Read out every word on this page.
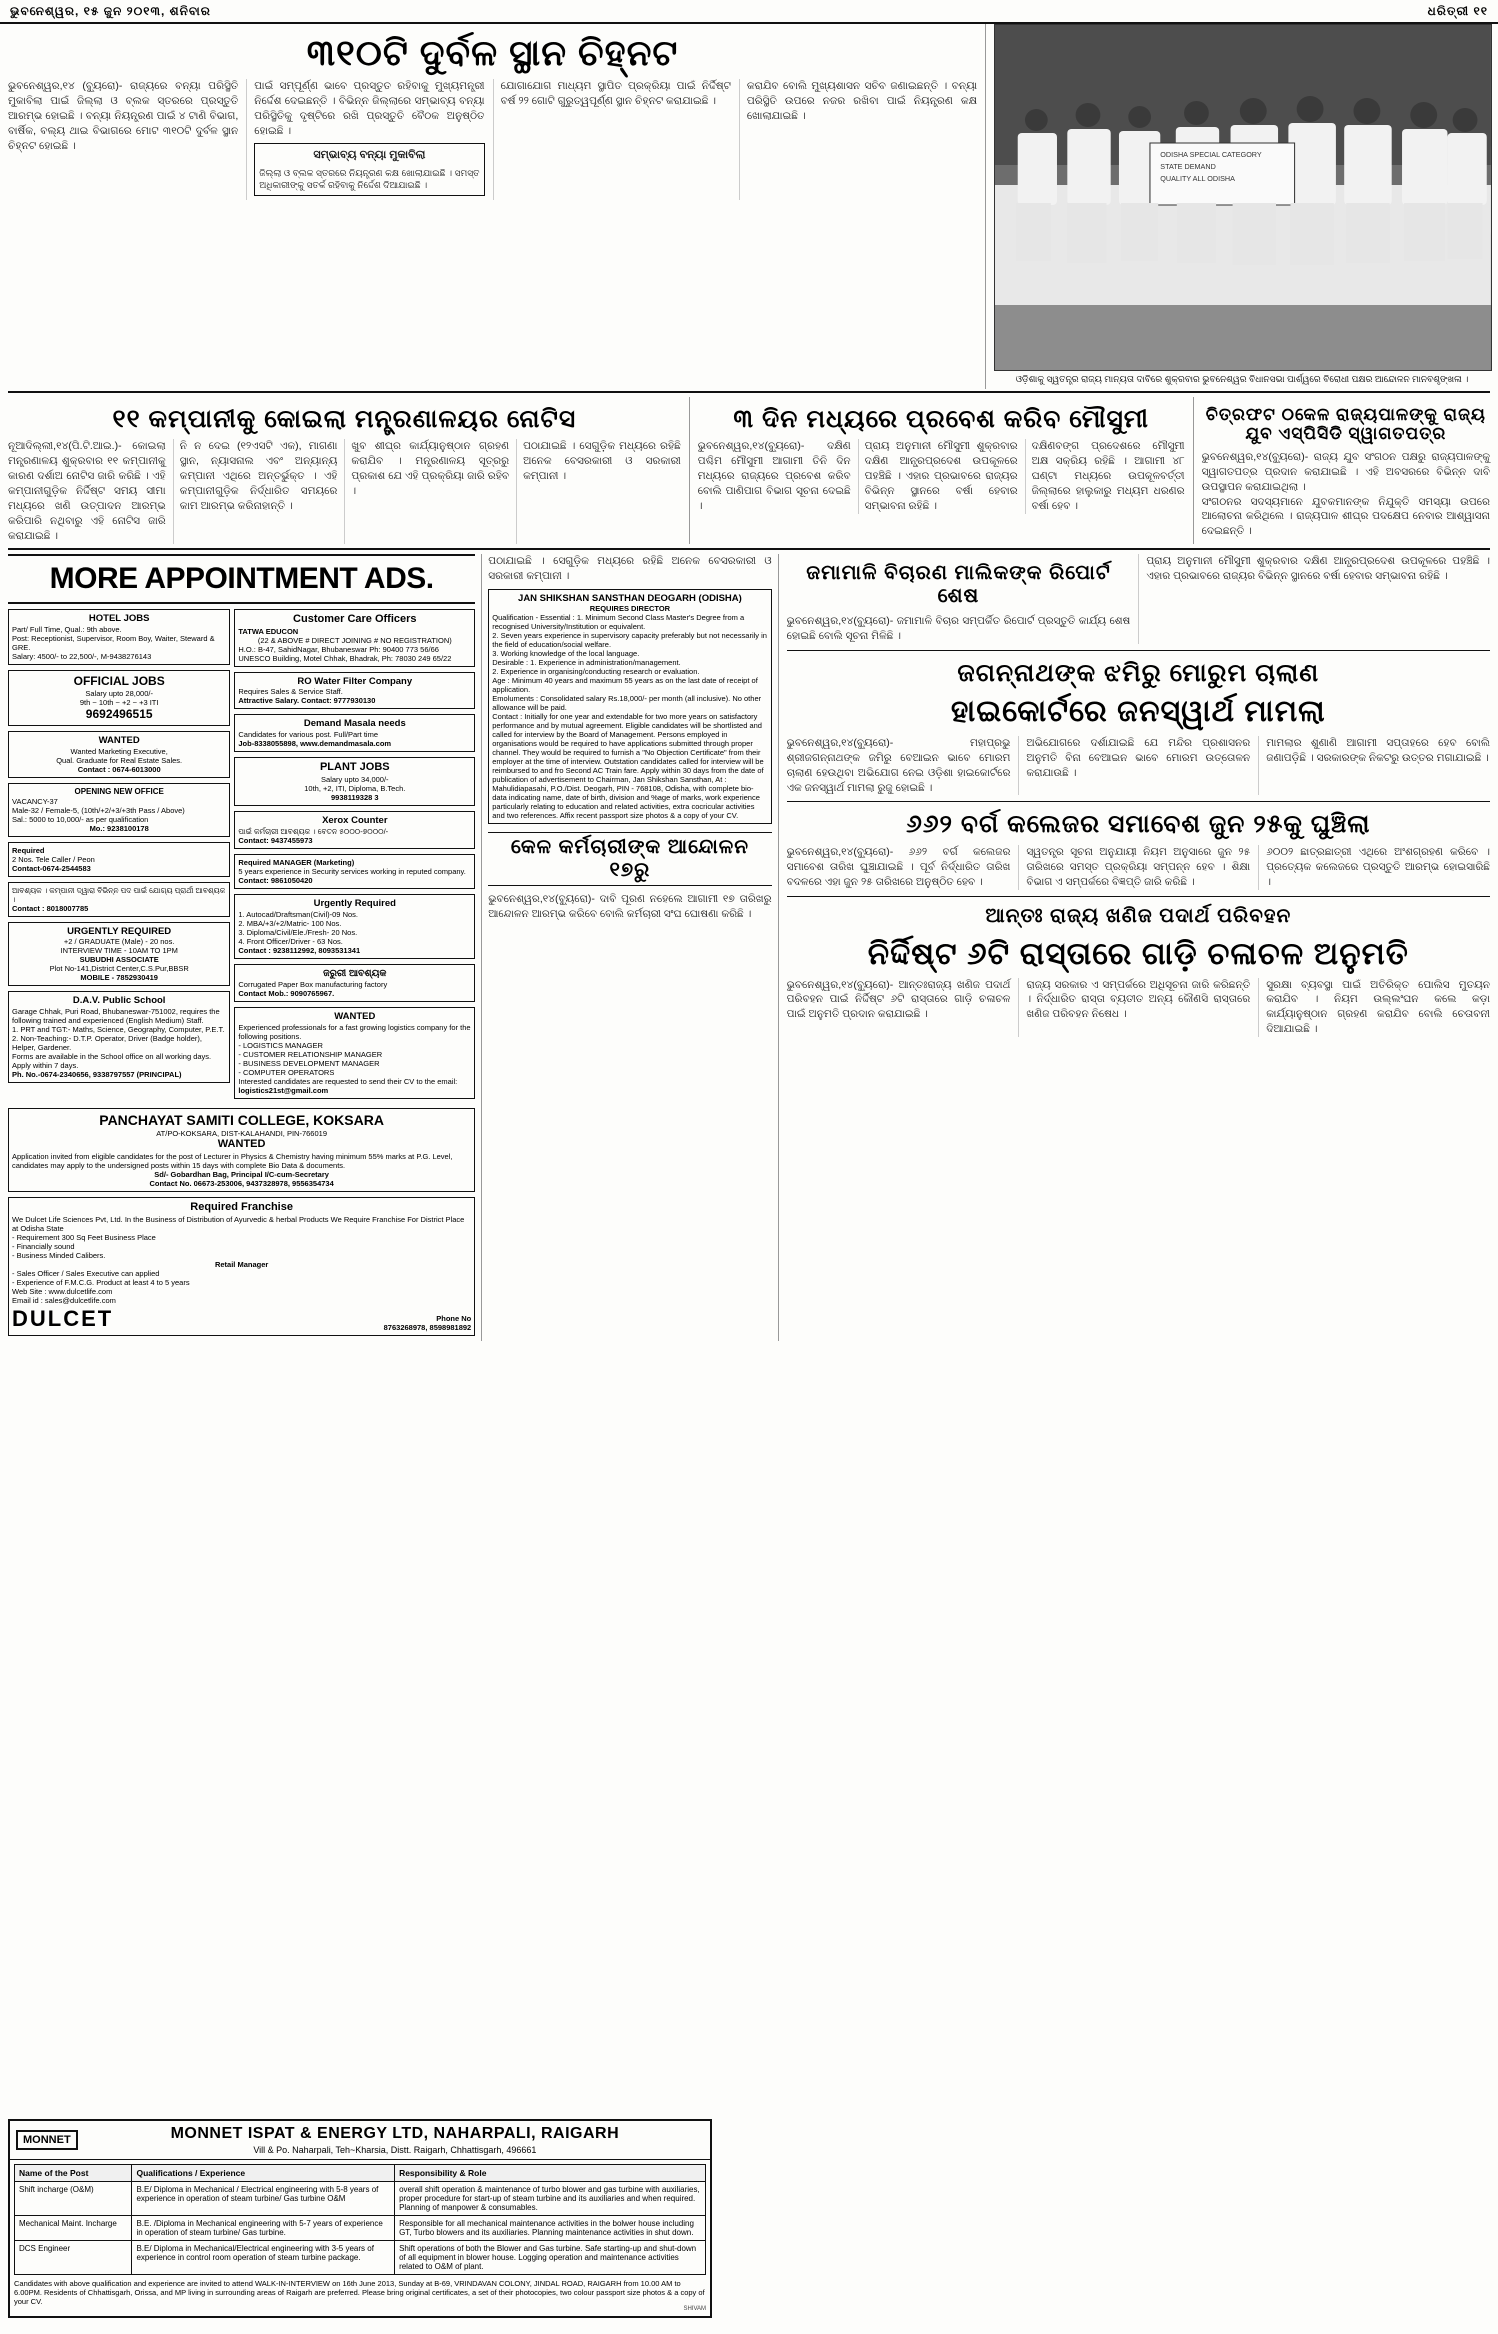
ଭୁବନେଶ୍ୱର, ୧୫ ଜୁନ ୨୦୧୩, ଶନିବାର	ଧରିତ୍ରୀ ୧୧
୩୧୦ଟି ଦୁର୍ବଳ ସ୍ଥାନ ଚିହ୍ନଟ
ଭୁବନେଶ୍ୱର,୧୪ (ବ୍ୟୁରୋ)- ରାଜ୍ୟରେ ବନ୍ୟା ପରିସ୍ଥିତି ମୁକାବିଲା ପାଇଁ ଜିଲ୍ଲା ଓ ବ୍ଲକ ସ୍ତରରେ ପ୍ରସ୍ତୁତି ଆରମ୍ଭ ହୋଇଛି । ବନ୍ୟା ନିୟନ୍ତ୍ରଣ ପାଇଁ ୪ ଟାଣି ବିଭାଗ, ବାର୍ଷିକ, ବଲ୍ୟ ଥାଇ ବିଭାଗରେ ମୋଟ ୩୧୦ଟି ଦୁର୍ବଳ ସ୍ଥାନ ଚିହ୍ନଟ ହୋଇଛି ।
ପାଇଁ ସମ୍ପୂର୍ଣ୍ଣ ଭାବେ ପ୍ରସ୍ତୁତ ରହିବାକୁ ମୁଖ୍ୟମନ୍ତ୍ରୀ ନିର୍ଦ୍ଦେଶ ଦେଇଛନ୍ତି । ବିଭିନ୍ନ ଜିଲ୍ଲାରେ ସମ୍ଭାବ୍ୟ ବନ୍ୟା ପରିସ୍ଥିତିକୁ ଦୃଷ୍ଟିରେ ରଖି ପ୍ରସ୍ତୁତି ବୈଠକ ଅନୁଷ୍ଠିତ ହୋଇଛି ।
ସମ୍ଭାବ୍ୟ ବନ୍ୟା ମୁକାବିଲା
ଜିଲ୍ଲା ଓ ବ୍ଲକ ସ୍ତରରେ ନିୟନ୍ତ୍ରଣ କକ୍ଷ ଖୋଲାଯାଇଛି । ସମସ୍ତ ଅଧିକାରୀଙ୍କୁ ସତର୍କ ରହିବାକୁ ନିର୍ଦ୍ଦେଶ ଦିଆଯାଇଛି ।
ଯୋଗାଯୋଗ ମାଧ୍ୟମ ସ୍ଥାପିତ ପ୍ରକ୍ରିୟା ପାଇଁ ନିର୍ଦ୍ଦିଷ୍ଟ ବର୍ଷ ୨୨ ଗୋଟି ଗୁରୁତ୍ୱପୂର୍ଣ୍ଣ ସ୍ଥାନ ଚିହ୍ନଟ କରାଯାଇଛି ।
କରାଯିବ ବୋଲି ମୁଖ୍ୟଶାସନ ସଚିବ ଜଣାଇଛନ୍ତି । ବନ୍ୟା ପରିସ୍ଥିତି ଉପରେ ନଜର ରଖିବା ପାଇଁ ନିୟନ୍ତ୍ରଣ କକ୍ଷ ଖୋଲାଯାଇଛି ।
ODISHA SPECIAL CATEGORY
STATE DEMAND
QUALITY ALL ODISHA
ଓଡ଼ିଶାକୁ ସ୍ୱତନ୍ତ୍ର ରାଜ୍ୟ ମାନ୍ୟତା ଦାବିରେ ଶୁକ୍ରବାର ଭୁବନେଶ୍ୱର ବିଧାନସଭା ପାର୍ଶ୍ୱରେ ବିରୋଧୀ ପକ୍ଷର ଆନ୍ଦୋଳନ ମାନବଶୃଙ୍ଖଳା ।
୧୧ କମ୍ପାନୀକୁ କୋଇଲା ମନ୍ତ୍ରଣାଳୟର ନୋଟିସ
ନୂଆଦିଲ୍ଲୀ,୧୪(ପି.ଟି.ଆଇ.)- କୋଇଲା ମନ୍ତ୍ରଣାଳୟ ଶୁକ୍ରବାର ୧୧ କମ୍ପାନୀକୁ କାରଣ ଦର୍ଶାଅ ନୋଟିସ ଜାରି କରିଛି । ଏହି କମ୍ପାନୀଗୁଡ଼ିକ ନିର୍ଦ୍ଦିଷ୍ଟ ସମୟ ସୀମା ମଧ୍ୟରେ ଖଣି ଉତ୍ପାଦନ ଆରମ୍ଭ କରିପାରି ନଥିବାରୁ ଏହି ନୋଟିସ ଜାରି କରାଯାଇଛି ।
ନି ନ ଦେଇ (୧୨ଏସଟି ଏକ), ମାଗଣା ସ୍ଥାନ, ନ୍ୟାସନାଲ ଏବଂ ଅନ୍ୟାନ୍ୟ କମ୍ପାନୀ ଏଥିରେ ଅନ୍ତର୍ଭୁକ୍ତ । ଏହି କମ୍ପାନୀଗୁଡ଼ିକ ନିର୍ଦ୍ଧାରିତ ସମୟରେ କାମ ଆରମ୍ଭ କରିନାହାନ୍ତି ।
ଖୁବ ଶୀଘ୍ର କାର୍ଯ୍ୟାନୁଷ୍ଠାନ ଗ୍ରହଣ କରାଯିବ । ମନ୍ତ୍ରଣାଳୟ ସୂତ୍ରରୁ ପ୍ରକାଶ ଯେ ଏହି ପ୍ରକ୍ରିୟା ଜାରି ରହିବ ।
ପଠାଯାଇଛି । ସେଗୁଡ଼ିକ ମଧ୍ୟରେ ରହିଛି ଅନେକ ବେସରକାରୀ ଓ ସରକାରୀ କମ୍ପାନୀ ।
୩ ଦିନ ମଧ୍ୟରେ ପ୍ରବେଶ କରିବ ମୌସୁମୀ
ଭୁବନେଶ୍ୱର,୧୪(ବ୍ୟୁରୋ)- ଦକ୍ଷିଣ ପଶ୍ଚିମ ମୌସୁମୀ ଆଗାମୀ ତିନି ଦିନ ମଧ୍ୟରେ ରାଜ୍ୟରେ ପ୍ରବେଶ କରିବ ବୋଲି ପାଣିପାଗ ବିଭାଗ ସୂଚନା ଦେଇଛି ।
ପ୍ରାୟ ଅନୁମାନୀ ମୌସୁମୀ ଶୁକ୍ରବାର ଦକ୍ଷିଣ ଆନ୍ଧ୍ରପ୍ରଦେଶ ଉପକୂଳରେ ପହଞ୍ଚିଛି । ଏହାର ପ୍ରଭାବରେ ରାଜ୍ୟର ବିଭିନ୍ନ ସ୍ଥାନରେ ବର୍ଷା ହେବାର ସମ୍ଭାବନା ରହିଛି ।
ଦକ୍ଷିଣବଙ୍ଗ ପ୍ରଦେଶରେ ମୌସୁମୀ ଅକ୍ଷ ସକ୍ରିୟ ରହିଛି । ଆଗାମୀ ୪୮ ଘଣ୍ଟା ମଧ୍ୟରେ ଉପକୂଳବର୍ତ୍ତୀ ଜିଲ୍ଲାରେ ହାଲୁକାରୁ ମଧ୍ୟମ ଧରଣର ବର୍ଷା ହେବ ।
ଚିତ୍ରଫଟ ୦କେଳ ରାଜ୍ୟପାଳଙ୍କୁ ରାଜ୍ୟ ଯୁବ ଏସ୍‌ପିସିଡି ସ୍ୱାଗତପତ୍ର
ଭୁବନେଶ୍ୱର,୧୪(ବ୍ୟୁରୋ)- ରାଜ୍ୟ ଯୁବ ସଂଗଠନ ପକ୍ଷରୁ ରାଜ୍ୟପାଳଙ୍କୁ ସ୍ୱାଗତପତ୍ର ପ୍ରଦାନ କରାଯାଇଛି । ଏହି ଅବସରରେ ବିଭିନ୍ନ ଦାବି ଉପସ୍ଥାପନ କରାଯାଇଥିଲା ।
ସଂଗଠନର ସଦସ୍ୟମାନେ ଯୁବକମାନଙ୍କ ନିଯୁକ୍ତି ସମସ୍ୟା ଉପରେ ଆଲୋଚନା କରିଥିଲେ । ରାଜ୍ୟପାଳ ଶୀଘ୍ର ପଦକ୍ଷେପ ନେବାର ଆଶ୍ୱାସନା ଦେଇଛନ୍ତି ।
MORE APPOINTMENT ADS.
HOTEL JOBS
Part/ Full Time, Qual.: 9th above.
Post: Receptionist, Supervisor, Room Boy, Waiter, Steward & GRE.
Salary: 4500/- to 22,500/-, M-9438276143
OFFICIAL JOBS
Salary upto 28,000/-
9th ~ 10th ~ +2 ~ +3 ITI
9692496515
WANTED
Wanted Marketing Executive,
Qual. Graduate for Real Estate Sales.
Contact : 0674-6013000
OPENING NEW OFFICE
VACANCY-37
Male-32 / Female-5, (10th/+2/+3/+3th Pass / Above)
Sal.: 5000 to 10,000/- as per qualification
Mo.: 9238100178
Required
2 Nos. Tele Caller / Peon
Contact-0674-2544583
ଆବଶ୍ୟକ । କମ୍ପାନୀ ଦ୍ୱାରା ବିଭିନ୍ନ ପଦ ପାଇଁ ଯୋଗ୍ୟ ପ୍ରାର୍ଥୀ ଆବଶ୍ୟକ ।
Contact : 8018007785
URGENTLY REQUIRED
+2 / GRADUATE (Male) - 20 nos.
INTERVIEW TIME - 10AM TO 1PM
SUBUDHI ASSOCIATE
Plot No-141,District Center,C.S.Pur,BBSR
MOBILE - 7852930419
D.A.V. Public School
Garage Chhak, Puri Road, Bhubaneswar-751002, requires the following trained and experienced (English Medium) Staff.
1. PRT and TGT:- Maths, Science, Geography, Computer, P.E.T.
2. Non-Teaching:- D.T.P. Operator, Driver (Badge holder), Helper, Gardener.
Forms are available in the School office on all working days. Apply within 7 days.
Ph. No.-0674-2340656, 9338797557 (PRINCIPAL)
Customer Care Officers
TATWA EDUCON
(22 & ABOVE # DIRECT JOINING # NO REGISTRATION)
H.O.: B-47, SahidNagar, Bhubaneswar Ph: 90400 773 56/66
UNESCO Building, Motel Chhak, Bhadrak, Ph: 78030 249 65/22
RO Water Filter Company
Requires Sales & Service Staff.
Attractive Salary. Contact: 9777930130
Demand Masala needs
Candidates for various post. Full/Part time
Job-8338055898, www.demandmasala.com
PLANT JOBS
Salary upto 34,000/-
10th, +2, ITI, Diploma, B.Tech.
9938119328 3
Xerox Counter
ପାଇଁ କର୍ମଚାରୀ ଆବଶ୍ୟକ । ବେତନ ୫୦୦୦-୭୦୦୦/-
Contact: 9437455973
Required MANAGER (Marketing)
5 years experience in Security services working in reputed company.
Contact: 9861050420
Urgently Required
1. Autocad/Draftsman(Civil)-09 Nos.
2. MBA/+3/+2/Matric- 100 Nos.
3. Diploma/Civil/Ele./Fresh- 20 Nos.
4. Front Officer/Driver - 63 Nos.
Contact : 9238112992, 8093531341
ଜରୁରୀ ଆବଶ୍ୟକ
Corrugated Paper Box manufacturing factory
Contact Mob.: 9090765967.
WANTED
Experienced professionals for a fast growing logistics company for the following positions.
- LOGISTICS MANAGER
- CUSTOMER RELATIONSHIP MANAGER
- BUSINESS DEVELOPMENT MANAGER
- COMPUTER OPERATORS
Interested candidates are requested to send their CV to the email:
logistics21st@gmail.com
PANCHAYAT SAMITI COLLEGE, KOKSARA
AT/PO-KOKSARA, DIST-KALAHANDI, PIN-766019
WANTED
Application invited from eligible candidates for the post of Lecturer in Physics & Chemistry having minimum 55% marks at P.G. Level, candidates may apply to the undersigned posts within 15 days with complete Bio Data & documents.
Sd/- Gobardhan Bag, Principal I/C-cum-Secretary
Contact No. 06673-253006, 9437328978, 9556354734
Required Franchise
We Dulcet Life Sciences Pvt, Ltd. In the Business of Distribution of Ayurvedic & herbal Products We Require Franchise For District Place at Odisha State
- Requirement 300 Sq Feet Business Place
- Financially sound
- Business Minded Calibers.
Retail Manager
- Sales Officer / Sales Executive can applied
- Experience of F.M.C.G. Product at least 4 to 5 years
Web Site : www.dulcetlife.com
Email id : sales@dulcetlife.com
DULCET	Phone No
8763268978, 8598981892
ପଠାଯାଇଛି । ସେଗୁଡ଼ିକ ମଧ୍ୟରେ ରହିଛି ଅନେକ ବେସରକାରୀ ଓ ସରକାରୀ କମ୍ପାନୀ ।
JAN SHIKSHAN SANSTHAN DEOGARH (ODISHA)
REQUIRES DIRECTOR
Qualification - Essential : 1. Minimum Second Class Master's Degree from a recognised University/Institution or equivalent.
2. Seven years experience in supervisory capacity preferably but not necessarily in the field of education/social welfare.
3. Working knowledge of the local language.
Desirable : 1. Experience in administration/management.
2. Experience in organising/conducting research or evaluation.
Age : Minimum 40 years and maximum 55 years as on the last date of receipt of application.
Emoluments : Consolidated salary Rs.18,000/- per month (all inclusive). No other allowance will be paid.
Contact : Initially for one year and extendable for two more years on satisfactory performance and by mutual agreement. Eligible candidates will be shortlisted and called for interview by the Board of Management. Persons employed in organisations would be required to have applications submitted through proper channel. They would be required to furnish a "No Objection Certificate" from their employer at the time of interview. Outstation candidates called for interview will be reimbursed to and fro Second AC Train fare. Apply within 30 days from the date of publication of advertisement to Chairman, Jan Shikshan Sansthan, At : Mahulidiapasahi, P.O./Dist. Deogarh, PIN - 768108, Odisha, with complete bio-data indicating name, date of birth, division and %age of marks, work experience particularly relating to education and related activities, extra cocricular activities and two references. Affix recent passport size photos & a copy of your CV.
କେଳ କର୍ମଚାରୀଙ୍କ ଆନ୍ଦୋଳନ ୧୭ରୁ
ଭୁବନେଶ୍ୱର,୧୪(ବ୍ୟୁରୋ)- ଦାବି ପୂରଣ ନହେଲେ ଆଗାମୀ ୧୭ ତାରିଖରୁ ଆନ୍ଦୋଳନ ଆରମ୍ଭ କରିବେ ବୋଲି କର୍ମଚାରୀ ସଂଘ ଘୋଷଣା କରିଛି ।
ଜମାମାଳି ବିଚାରଣ ମାଲିକଙ୍କ ରିପୋର୍ଟ ଶେଷ
ଭୁବନେଶ୍ୱର,୧୪(ବ୍ୟୁରୋ)- ଜମାମାଳି ବିଚାର ସମ୍ପର୍କିତ ରିପୋର୍ଟ ପ୍ରସ୍ତୁତି କାର୍ଯ୍ୟ ଶେଷ ହୋଇଛି ବୋଲି ସୂଚନା ମିଳିଛି ।
ପ୍ରାୟ ଅନୁମାନୀ ମୌସୁମୀ ଶୁକ୍ରବାର ଦକ୍ଷିଣ ଆନ୍ଧ୍ରପ୍ରଦେଶ ଉପକୂଳରେ ପହଞ୍ଚିଛି । ଏହାର ପ୍ରଭାବରେ ରାଜ୍ୟର ବିଭିନ୍ନ ସ୍ଥାନରେ ବର୍ଷା ହେବାର ସମ୍ଭାବନା ରହିଛି ।
ଜଗନ୍ନାଥଙ୍କ ଝମିରୁ ମୋରୁମ ଚାଲାଣ
ହାଇକୋର୍ଟରେ ଜନସ୍ୱାର୍ଥ ମାମଲା
ଭୁବନେଶ୍ୱର,୧୪(ବ୍ୟୁରୋ)- ମହାପ୍ରଭୁ ଶ୍ରୀଜଗନ୍ନାଥଙ୍କ ଜମିରୁ ବେଆଇନ ଭାବେ ମୋରମ ଚାଲାଣ ହେଉଥିବା ଅଭିଯୋଗ ନେଇ ଓଡ଼ିଶା ହାଇକୋର୍ଟରେ ଏକ ଜନସ୍ୱାର୍ଥ ମାମଲା ରୁଜୁ ହୋଇଛି ।
ଅଭିଯୋଗରେ ଦର୍ଶାଯାଇଛି ଯେ ମନ୍ଦିର ପ୍ରଶାସନର ଅନୁମତି ବିନା ବେଆଇନ ଭାବେ ମୋରମ ଉତ୍ତୋଳନ କରାଯାଉଛି ।
ମାମଲାର ଶୁଣାଣି ଆଗାମୀ ସପ୍ତାହରେ ହେବ ବୋଲି ଜଣାପଡ଼ିଛି । ସରକାରଙ୍କ ନିକଟରୁ ଉତ୍ତର ମଗାଯାଇଛି ।
୬୬୨ ବର୍ଗ କଲେଜର ସମାବେଶ ଜୁନ ୨୫କୁ ଘୁଞ୍ଚିଲା
ଭୁବନେଶ୍ୱର,୧୪(ବ୍ୟୁରୋ)- ୬୬୨ ବର୍ଗ କଲେଜର ସମାବେଶ ତାରିଖ ଘୁଞ୍ଚାଯାଇଛି । ପୂର୍ବ ନିର୍ଦ୍ଧାରିତ ତାରିଖ ବଦଳରେ ଏହା ଜୁନ ୨୫ ତାରିଖରେ ଅନୁଷ୍ଠିତ ହେବ ।
ସ୍ୱତନ୍ତ୍ର ସୂଚନା ଅନୁଯାୟୀ ନିୟମ ଅନୁସାରେ ଜୁନ ୨୫ ତାରିଖରେ ସମସ୍ତ ପ୍ରକ୍ରିୟା ସମ୍ପନ୍ନ ହେବ । ଶିକ୍ଷା ବିଭାଗ ଏ ସମ୍ପର୍କରେ ବିଜ୍ଞପ୍ତି ଜାରି କରିଛି ।
୬୦୦୨ ଛାତ୍ରଛାତ୍ରୀ ଏଥିରେ ଅଂଶଗ୍ରହଣ କରିବେ । ପ୍ରତ୍ୟେକ କଲେଜରେ ପ୍ରସ୍ତୁତି ଆରମ୍ଭ ହୋଇସାରିଛି ।
ଆନ୍ତଃ ରାଜ୍ୟ ଖଣିଜ ପଦାର୍ଥ ପରିବହନ
ନିର୍ଦ୍ଦିଷ୍ଟ ୬ଟି ରାସ୍ତାରେ ଗାଡ଼ି ଚଳାଚଳ ଅନୁମତି
ଭୁବନେଶ୍ୱର,୧୪(ବ୍ୟୁରୋ)- ଆନ୍ତଃରାଜ୍ୟ ଖଣିଜ ପଦାର୍ଥ ପରିବହନ ପାଇଁ ନିର୍ଦ୍ଦିଷ୍ଟ ୬ଟି ରାସ୍ତାରେ ଗାଡ଼ି ଚଳାଚଳ ପାଇଁ ଅନୁମତି ପ୍ରଦାନ କରାଯାଇଛି ।
ରାଜ୍ୟ ସରକାର ଏ ସମ୍ପର୍କରେ ଅଧିସୂଚନା ଜାରି କରିଛନ୍ତି । ନିର୍ଦ୍ଧାରିତ ରାସ୍ତା ବ୍ୟତୀତ ଅନ୍ୟ କୌଣସି ରାସ୍ତାରେ ଖଣିଜ ପରିବହନ ନିଷେଧ ।
ସୁରକ୍ଷା ବ୍ୟବସ୍ଥା ପାଇଁ ଅତିରିକ୍ତ ପୋଲିସ ମୁତୟନ କରାଯିବ । ନିୟମ ଉଲ୍ଲଂଘନ କଲେ କଡ଼ା କାର୍ଯ୍ୟାନୁଷ୍ଠାନ ଗ୍ରହଣ କରାଯିବ ବୋଲି ଚେତାବନୀ ଦିଆଯାଇଛି ।
MONNET	MONNET ISPAT & ENERGY LTD, NAHARPALI, RAIGARH
Vill & Po. Naharpali, Teh~Kharsia, Distt. Raigarh, Chhattisgarh, 496661
Name of the Post	Qualifications / Experience	Responsibility & Role
Shift incharge (O&M)	B.E/ Diploma in Mechanical / Electrical engineering with 5-8 years of experience in operation of steam turbine/ Gas turbine O&M	overall shift operation & maintenance of turbo blower and gas turbine with auxiliaries, proper procedure for start-up of steam turbine and its auxiliaries and when required. Planning of manpower & consumables.
Mechanical Maint. Incharge	B.E. /Diploma in Mechanical engineering with 5-7 years of experience in operation of steam turbine/ Gas turbine.	Responsible for all mechanical maintenance activities in the bolwer house including GT, Turbo blowers and its auxiliaries. Planning maintenance activities in shut down.
DCS Engineer	B.E/ Diploma in Mechanical/Electrical engineering with 3-5 years of experience in control room operation of steam turbine package.	Shift operations of both the Blower and Gas turbine. Safe starting-up and shut-down of all equipment in blower house. Logging operation and maintenance activities related to O&M of plant.
Candidates with above qualification and experience are invited to attend WALK-IN-INTERVIEW on 16th June 2013, Sunday at B-69, VRINDAVAN COLONY, JINDAL ROAD, RAIGARH from 10.00 AM to 6.00PM. Residents of Chhattisgarh, Orissa, and MP living in surrounding areas of Raigarh are preferred. Please bring original certificates, a set of their photocopies, two colour passport size photos & a copy of your CV.
SHIVAM
